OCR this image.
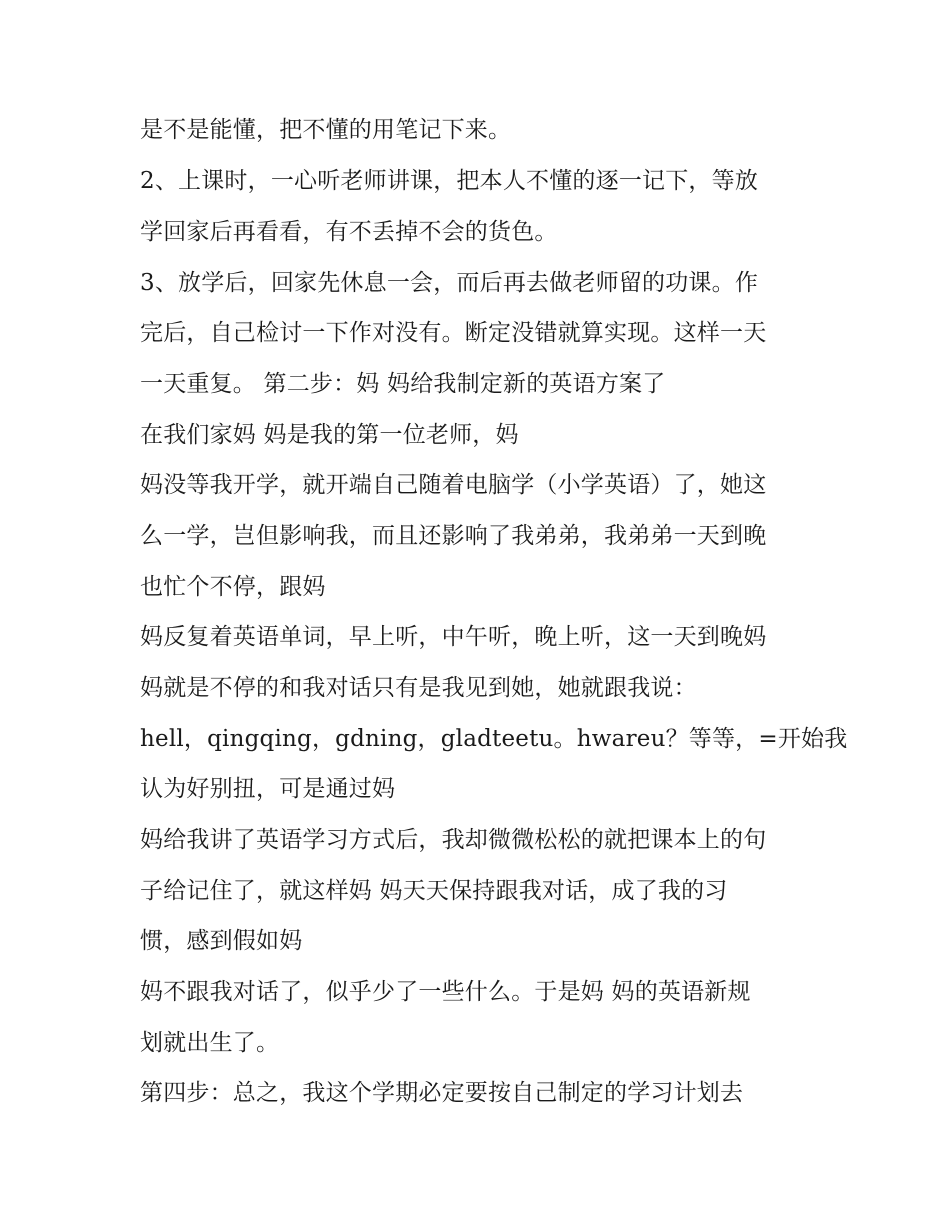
是不是能懂，把不懂的用笔记下来。
2、上课时，一心听老师讲课，把本人不懂的逐一记下，等放
学回家后再看看，有不丢掉不会的货色。
3、放学后，回家先休息一会，而后再去做老师留的功课。作
完后，自己检讨一下作对没有。断定没错就算实现。这样一天
一天重复。 第二步：妈 妈给我制定新的英语方案了
在我们家妈 妈是我的第一位老师，妈
妈没等我开学，就开端自己随着电脑学（小学英语）了，她这
么一学，岂但影响我，而且还影响了我弟弟，我弟弟一天到晚
也忙个不停，跟妈
妈反复着英语单词，早上听，中午听，晚上听，这一天到晚妈
妈就是不停的和我对话只有是我见到她，她就跟我说：
hell，qingqing，gdning，gladteetu。hwareu？等等，=开始我
认为好别扭，可是通过妈
妈给我讲了英语学习方式后，我却微微松松的就把课本上的句
子给记住了，就这样妈 妈天天保持跟我对话，成了我的习
惯，感到假如妈
妈不跟我对话了，似乎少了一些什么。于是妈 妈的英语新规
划就出生了。
第四步：总之，我这个学期必定要按自己制定的学习计划去
